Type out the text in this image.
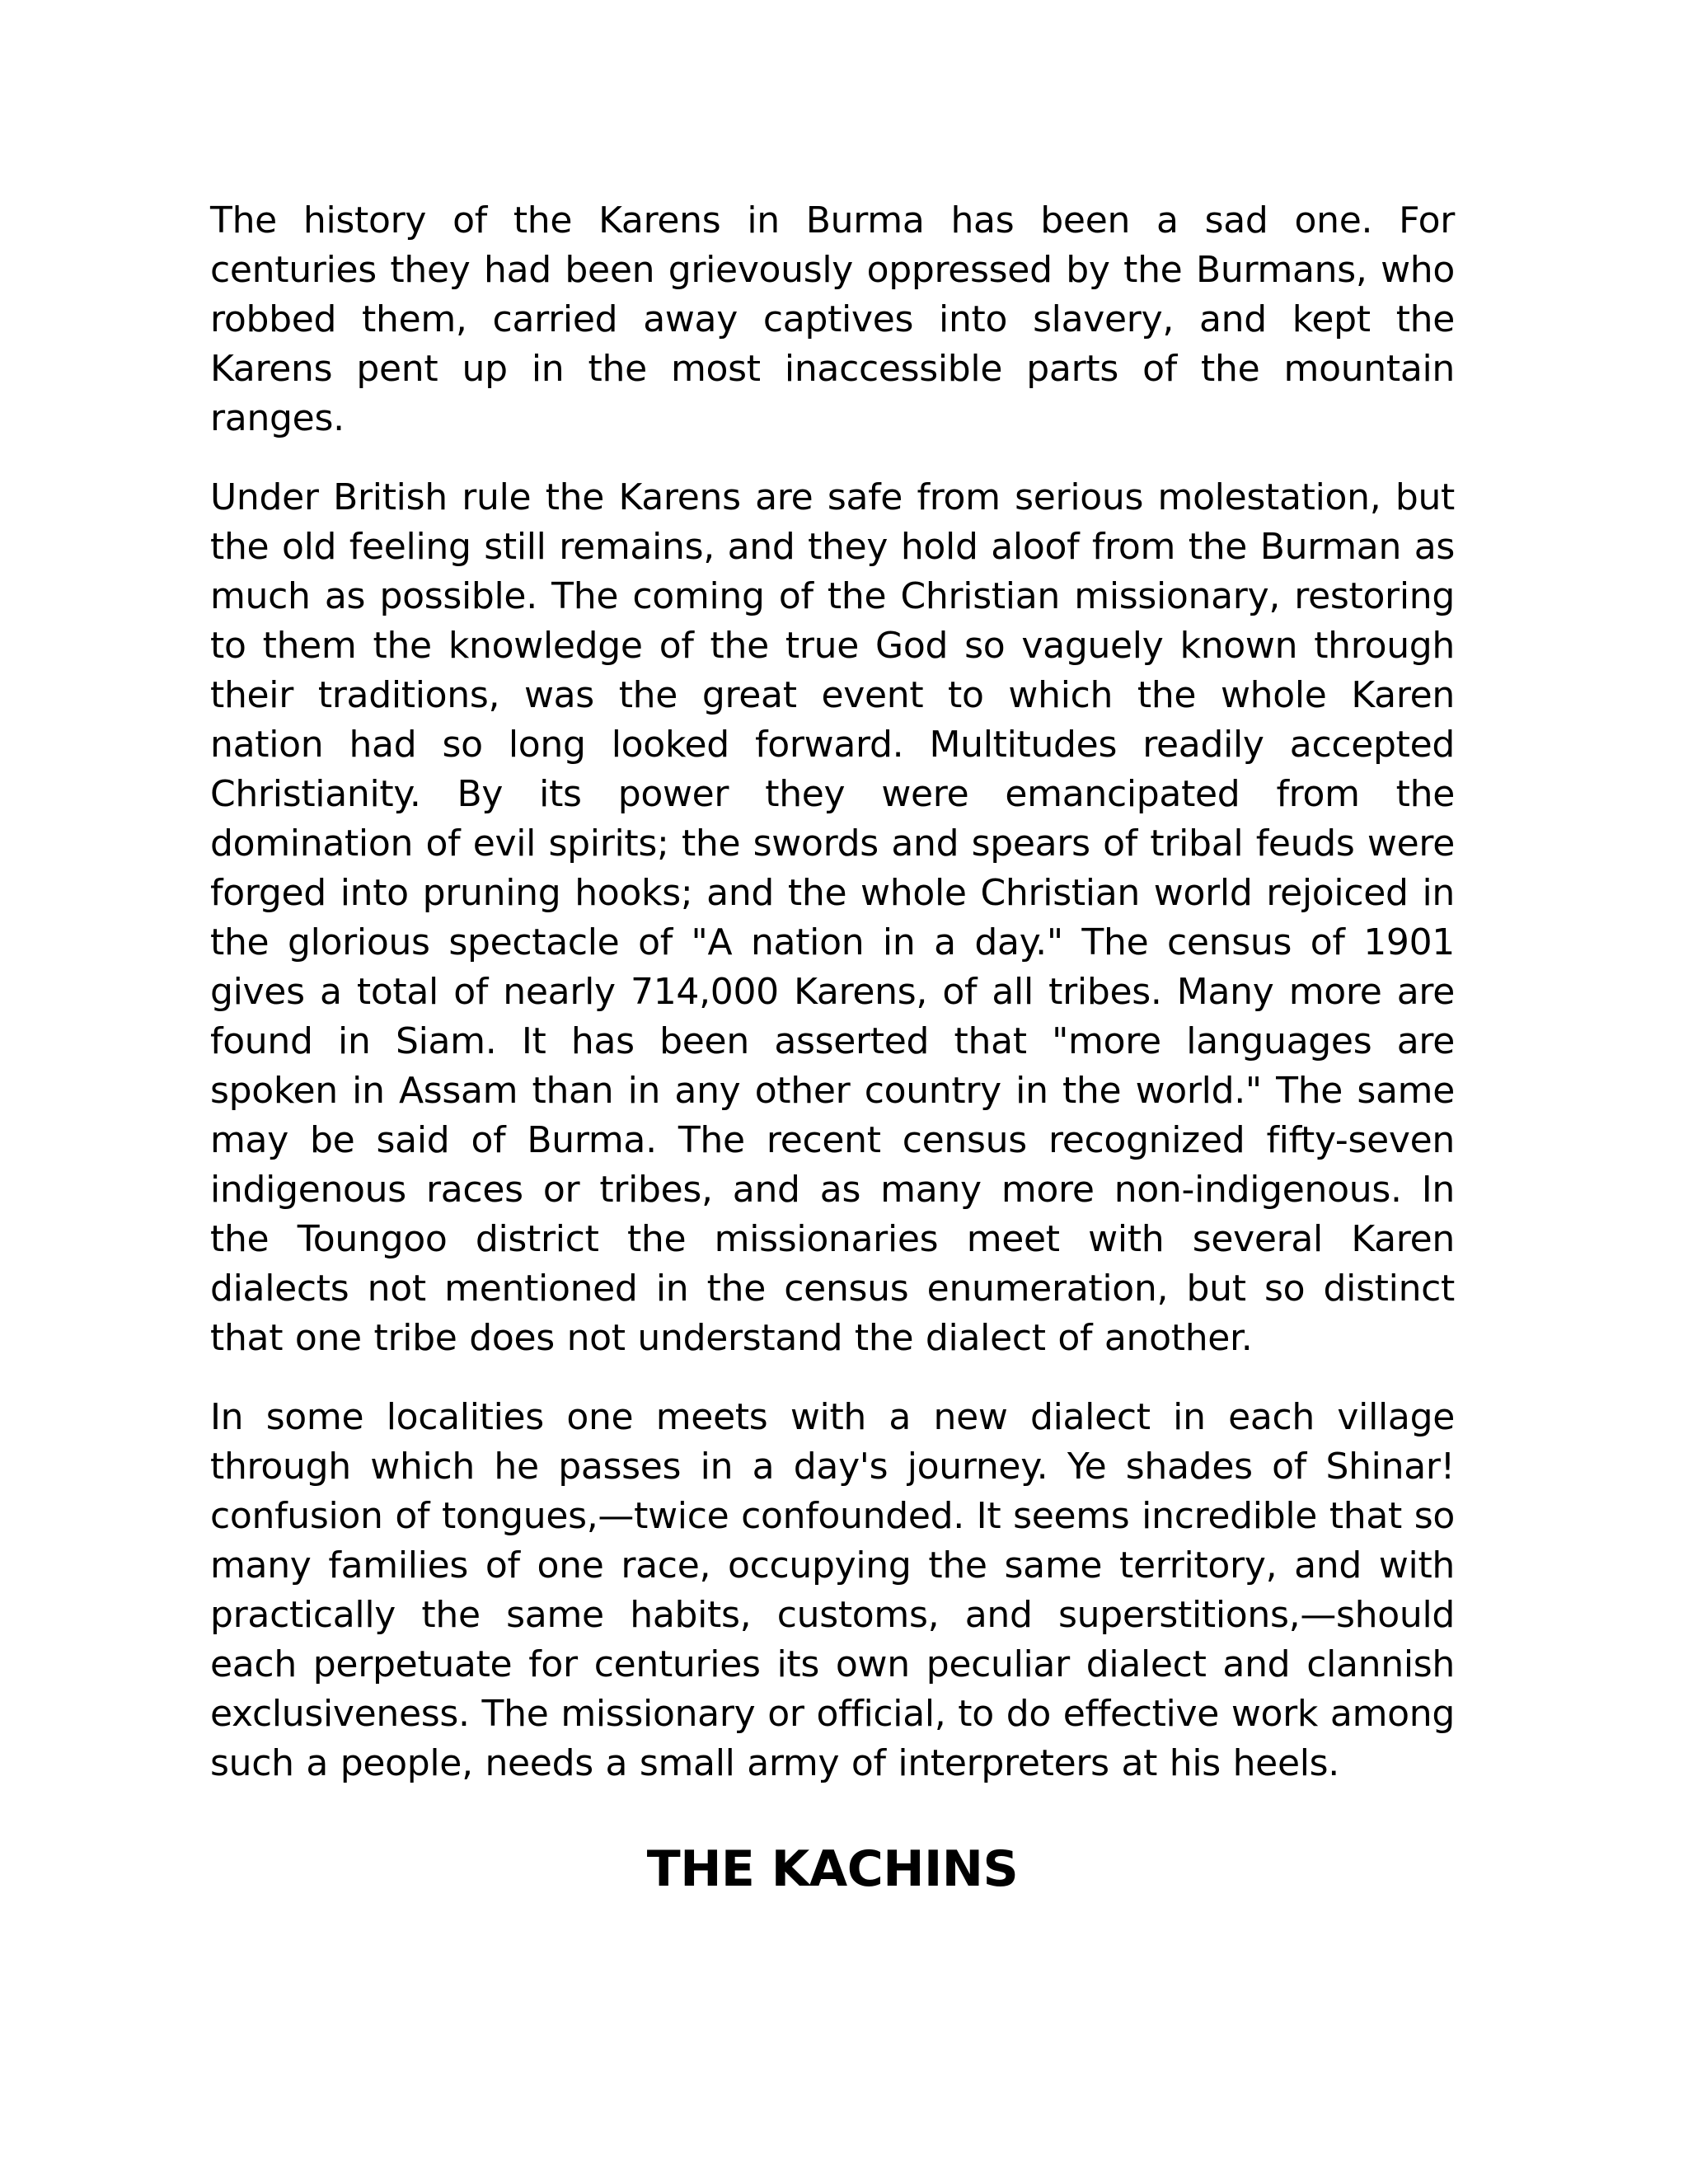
The history of the Karens in Burma has been a sad one. For centuries they had been grievously oppressed by the Burmans, who robbed them, carried away captives into slavery, and kept the Karens pent up in the most inaccessible parts of the mountain ranges.

Under British rule the Karens are safe from serious molestation, but the old feeling still remains, and they hold aloof from the Burman as much as possible. The coming of the Christian missionary, restoring to them the knowledge of the true God so vaguely known through their traditions, was the great event to which the whole Karen nation had so long looked forward. Multitudes readily accepted Christianity. By its power they were emancipated from the domination of evil spirits; the swords and spears of tribal feuds were forged into pruning hooks; and the whole Christian world rejoiced in the glorious spectacle of "A nation in a day." The census of 1901 gives a total of nearly 714,000 Karens, of all tribes. Many more are found in Siam. It has been asserted that "more languages are spoken in Assam than in any other country in the world." The same may be said of Burma. The recent census recognized fifty-seven indigenous races or tribes, and as many more non-indigenous. In the Toungoo district the missionaries meet with several Karen dialects not mentioned in the census enumeration, but so distinct that one tribe does not understand the dialect of another.

In some localities one meets with a new dialect in each village through which he passes in a day's journey. Ye shades of Shinar! confusion of tongues,—twice confounded. It seems incredible that so many families of one race, occupying the same territory, and with practically the same habits, customs, and superstitions,—should each perpetuate for centuries its own peculiar dialect and clannish exclusiveness. The missionary or official, to do effective work among such a people, needs a small army of interpreters at his heels.

THE KACHINS
